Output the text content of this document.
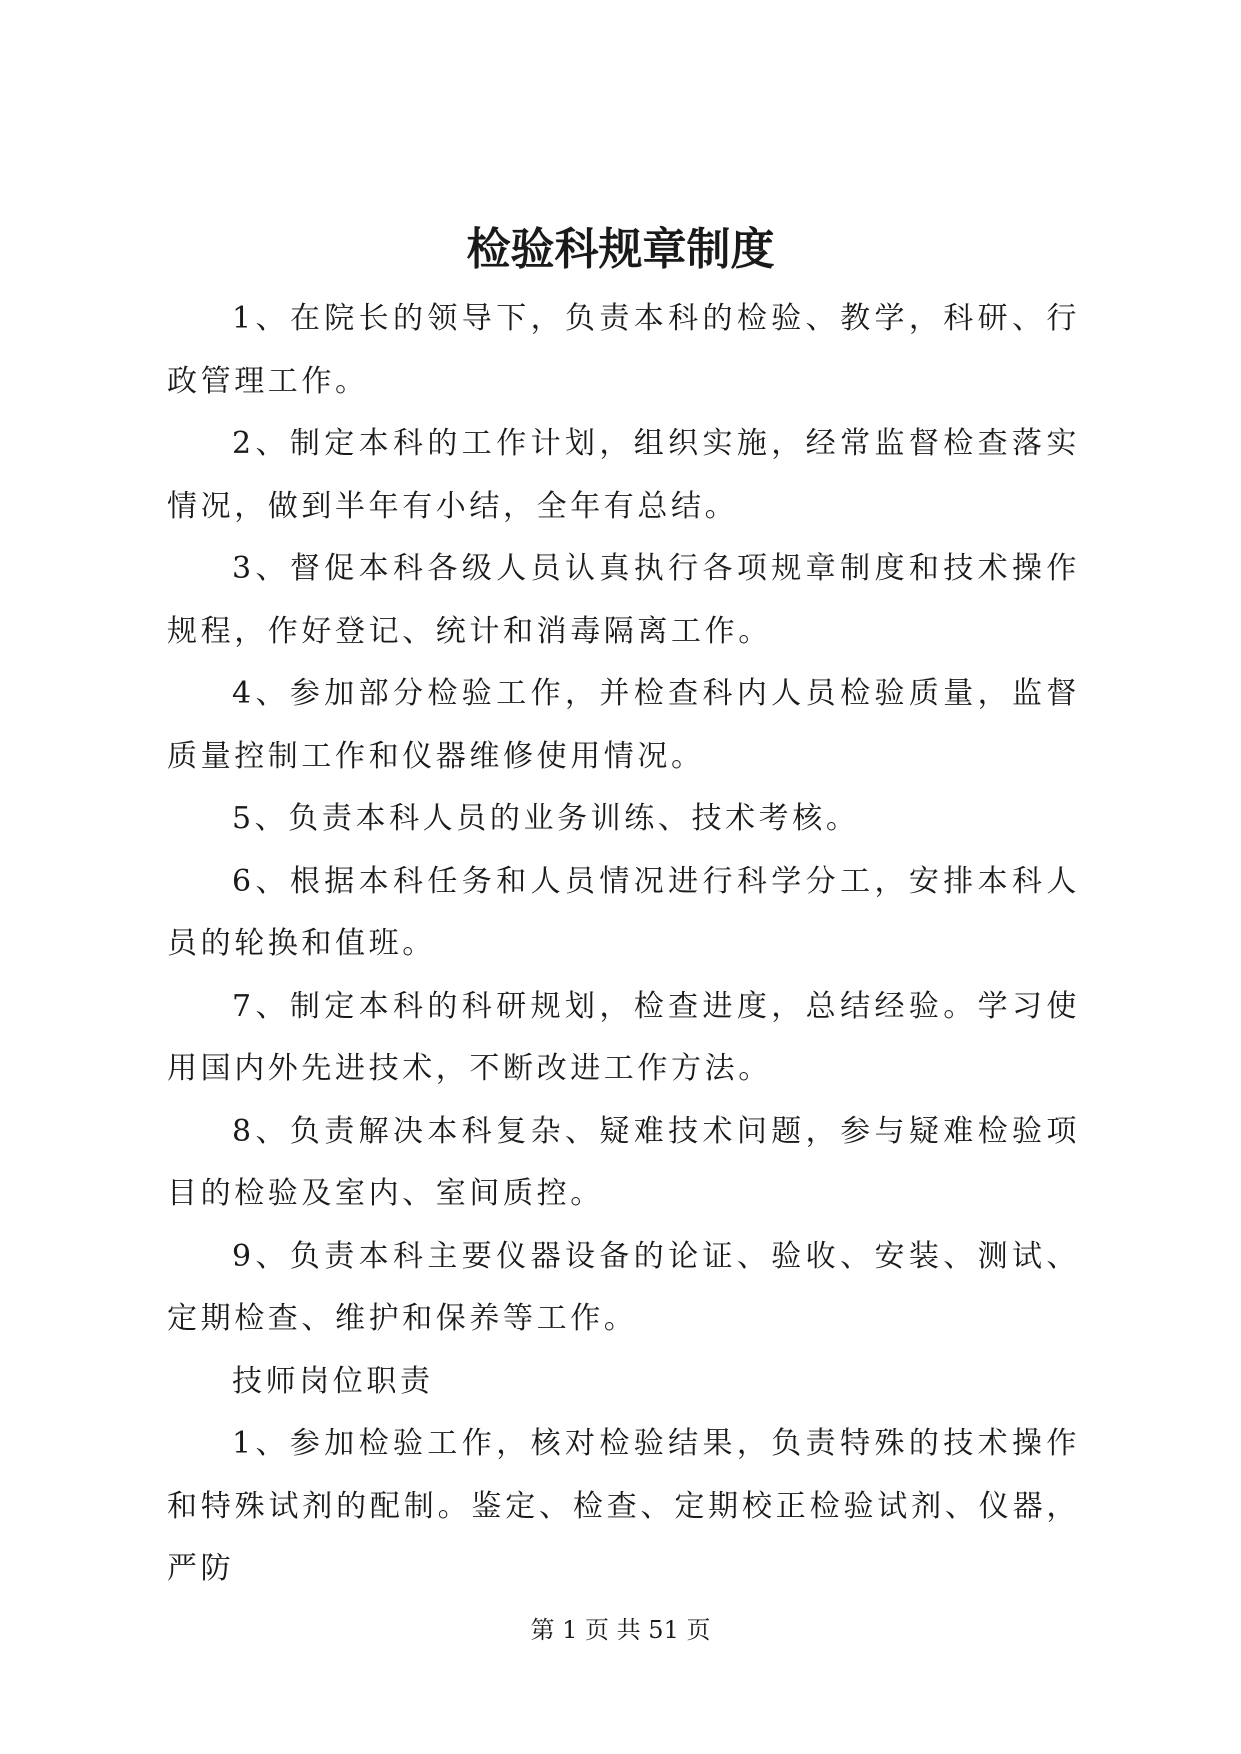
检验科规章制度

1、在院长的领导下，负责本科的检验、教学，科研、行政管理工作。

2、制定本科的工作计划，组织实施，经常监督检查落实情况，做到半年有小结，全年有总结。

3、督促本科各级人员认真执行各项规章制度和技术操作规程，作好登记、统计和消毒隔离工作。

4、参加部分检验工作，并检查科内人员检验质量，监督质量控制工作和仪器维修使用情况。

5、负责本科人员的业务训练、技术考核。

6、根据本科任务和人员情况进行科学分工，安排本科人员的轮换和值班。

7、制定本科的科研规划，检查进度，总结经验。学习使用国内外先进技术，不断改进工作方法。

8、负责解决本科复杂、疑难技术问题，参与疑难检验项目的检验及室内、室间质控。

9、负责本科主要仪器设备的论证、验收、安装、测试、定期检查、维护和保养等工作。

技师岗位职责

1、参加检验工作，核对检验结果，负责特殊的技术操作和特殊试剂的配制。鉴定、检查、定期校正检验试剂、仪器，严防

第 1 页 共 51 页
